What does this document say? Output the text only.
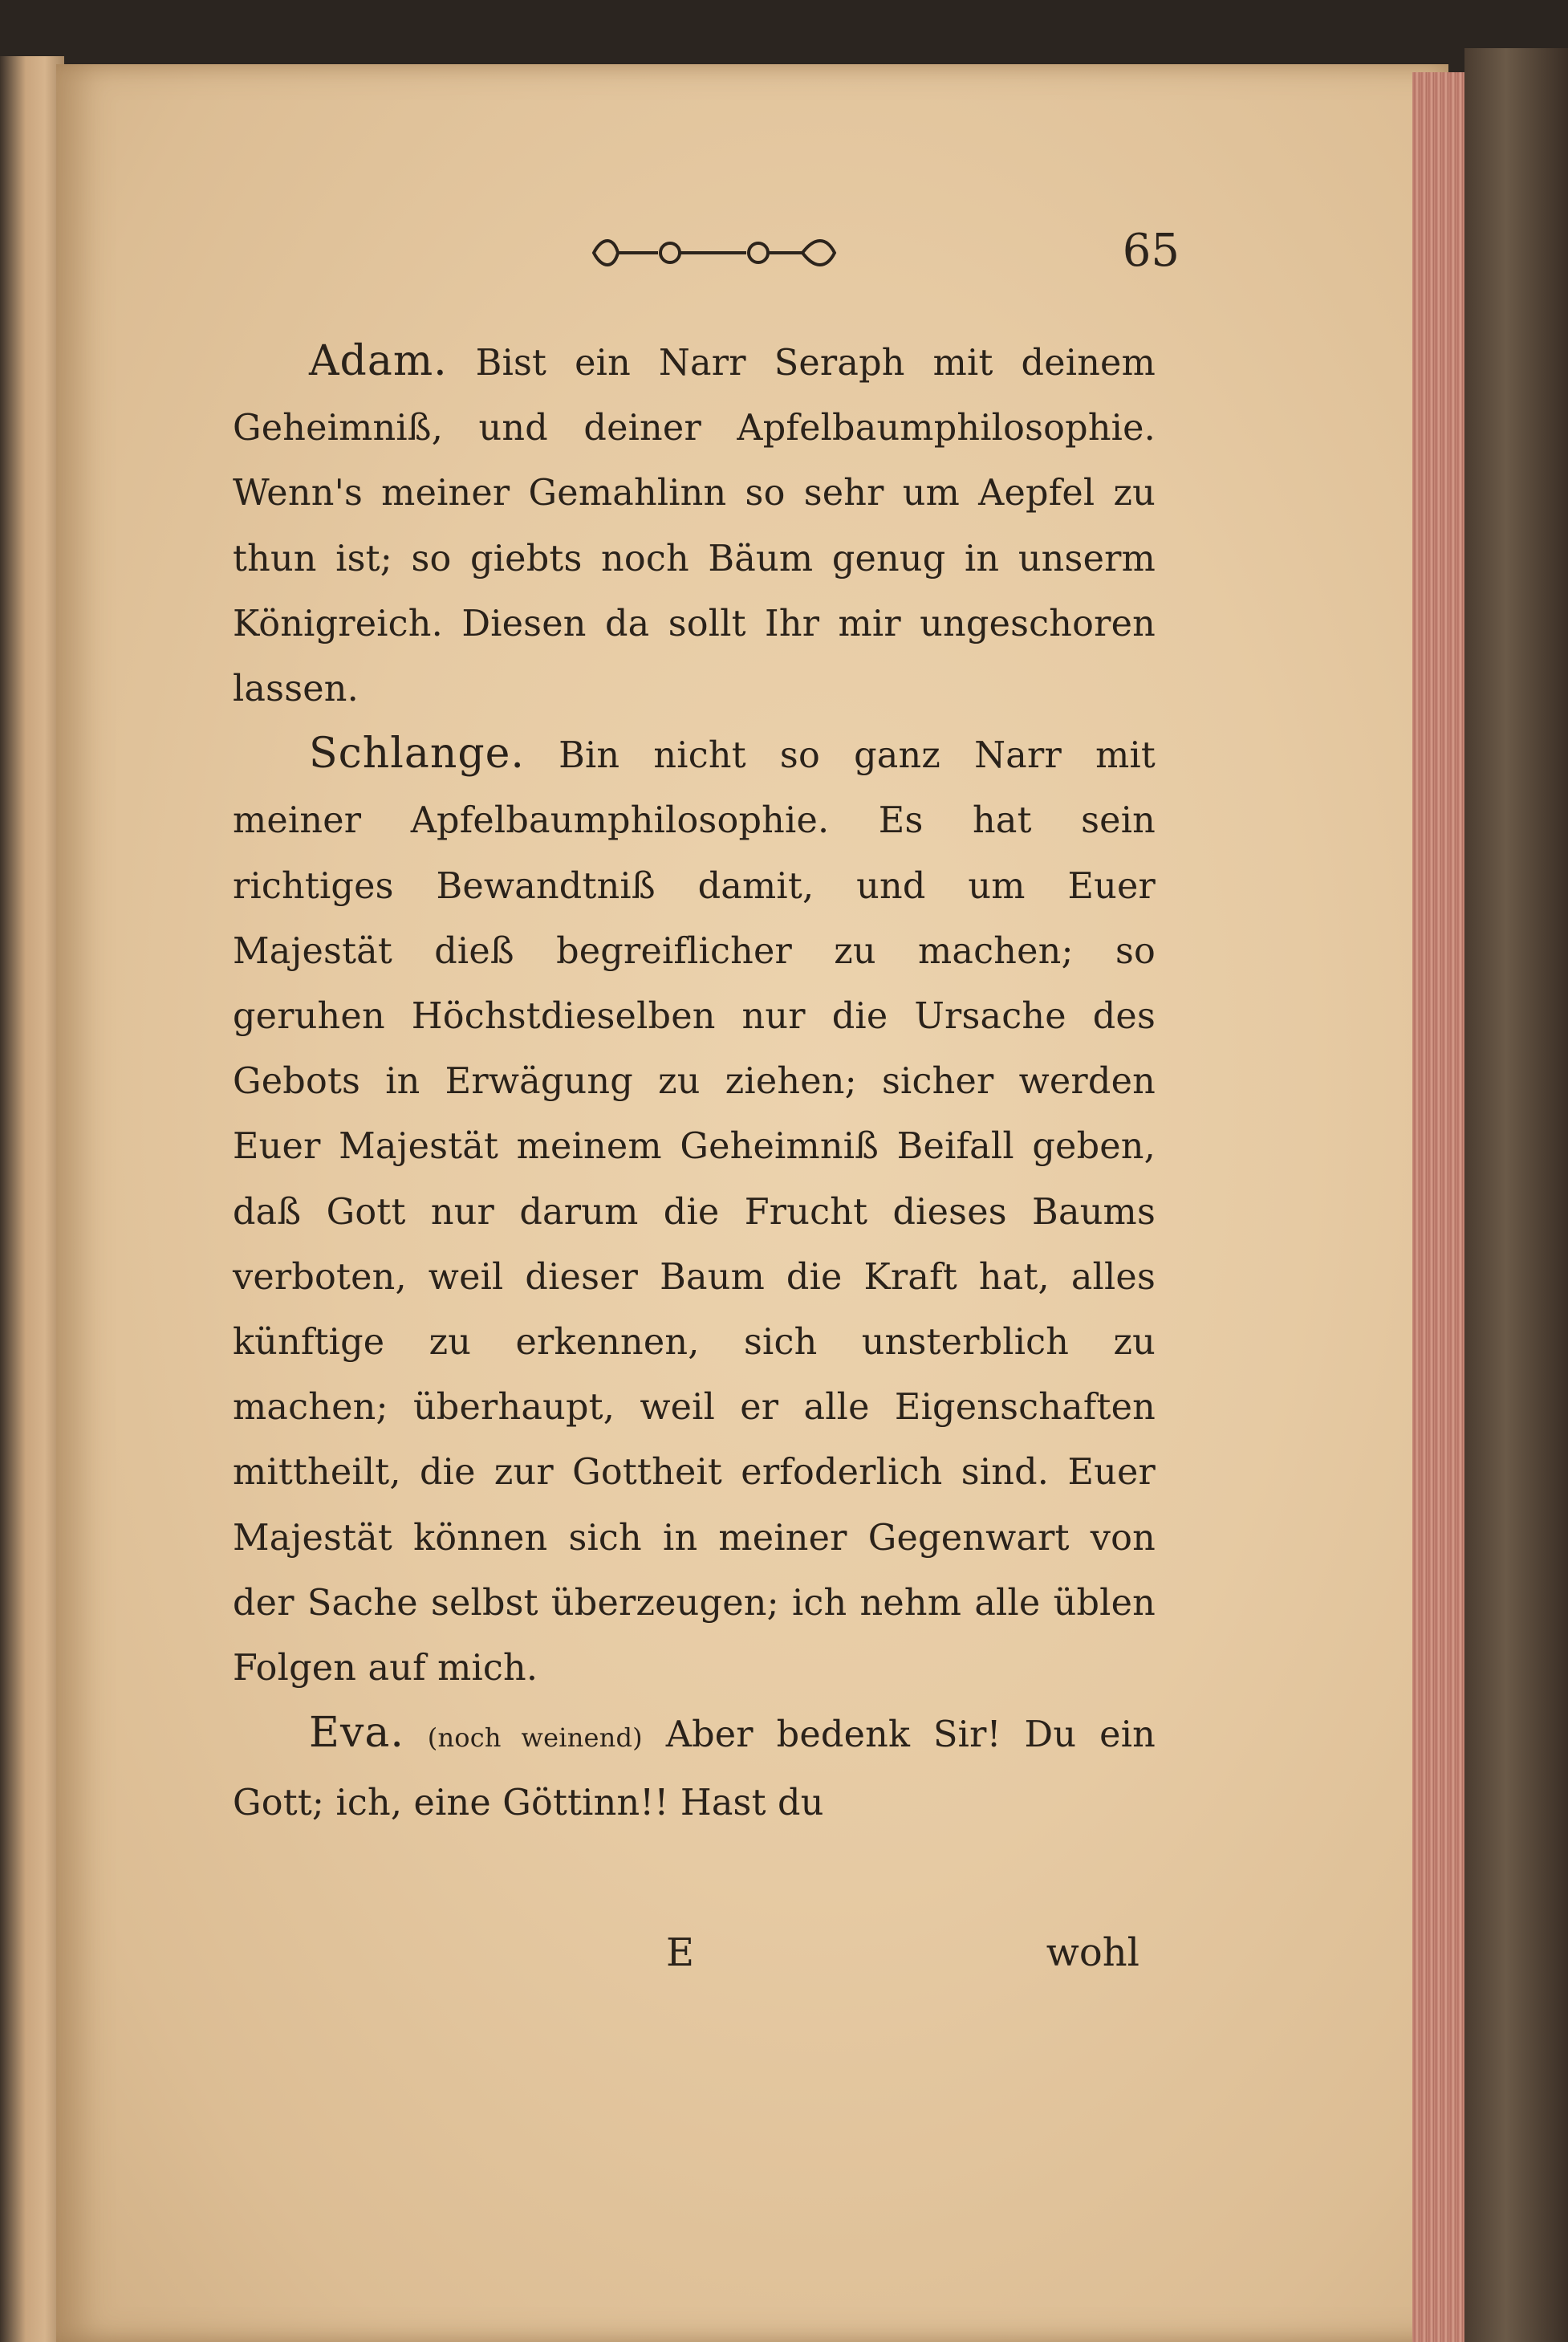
65

Adam. Bist ein Narr Seraph mit deinem Geheimniß, und deiner Apfelbaumphilosophie. Wenn's meiner Gemahlinn so sehr um Aepfel zu thun ist; so giebts noch Bäum genug in unserm Königreich. Diesen da sollt Ihr mir ungeschoren lassen.

Schlange. Bin nicht so ganz Narr mit meiner Apfelbaumphilosophie. Es hat sein richtiges Bewandtniß damit, und um Euer Majestät dieß begreiflicher zu machen; so geruhen Höchstdieselben nur die Ursache des Gebots in Erwägung zu ziehen; sicher werden Euer Majestät meinem Geheimniß Beifall geben, daß Gott nur darum die Frucht dieses Baums verboten, weil dieser Baum die Kraft hat, alles künftige zu erkennen, sich unsterblich zu machen; überhaupt, weil er alle Eigenschaften mittheilt, die zur Gottheit erfoderlich sind. Euer Majestät können sich in meiner Gegenwart von der Sache selbst überzeugen; ich nehm alle üblen Folgen auf mich.

Eva. (noch weinend) Aber bedenk Sir! Du ein Gott; ich, eine Göttinn!! Hast du

E	wohl
